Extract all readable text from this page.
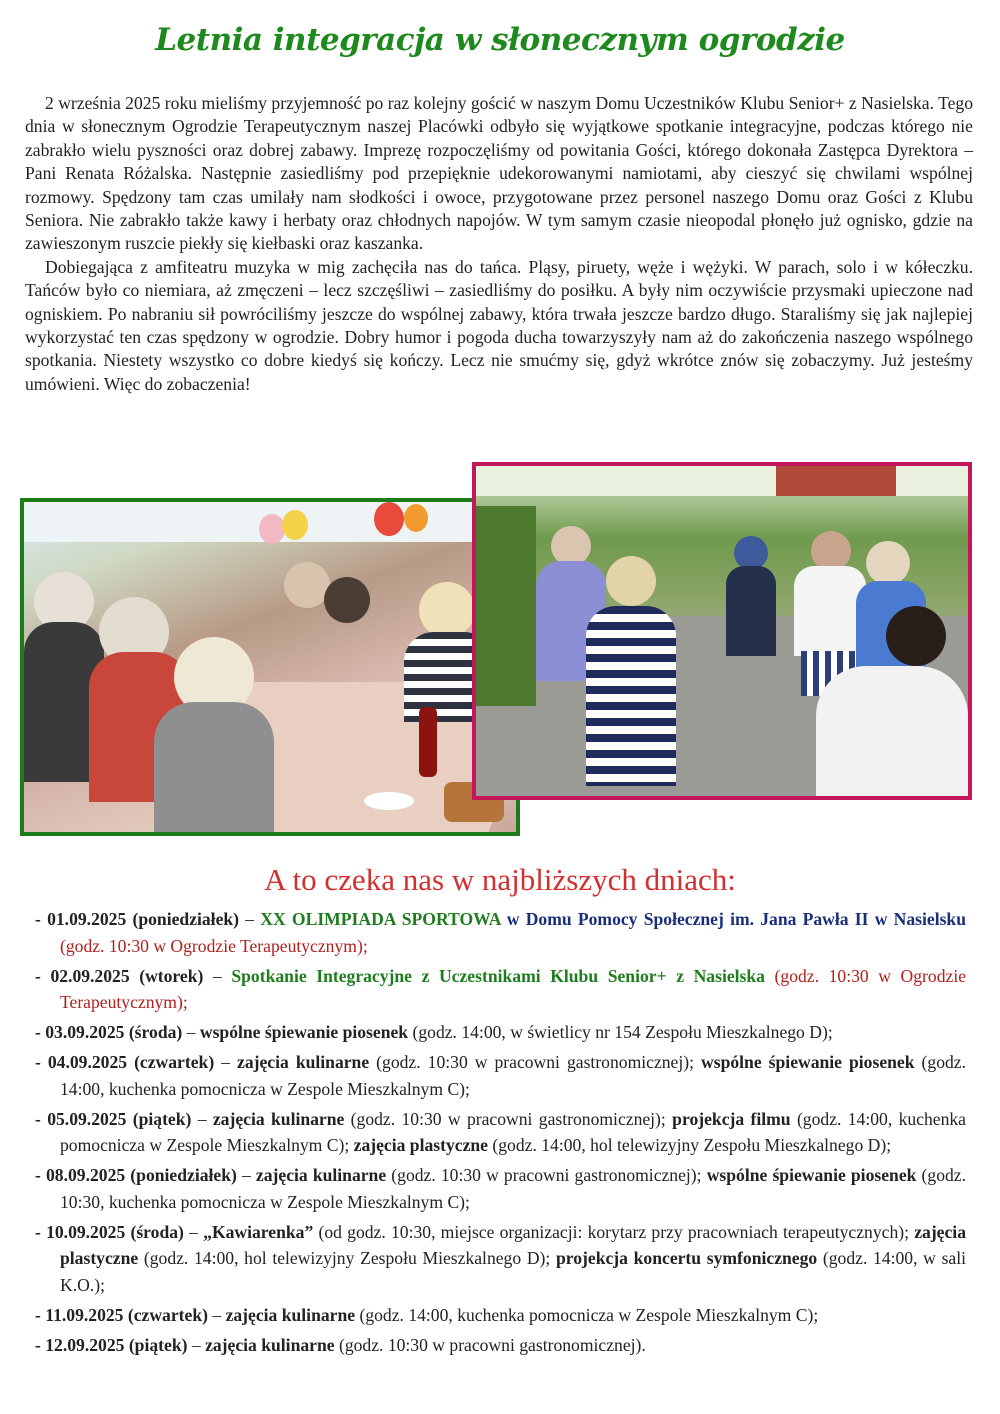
Letnia integracja w słonecznym ogrodzie

2 września 2025 roku mieliśmy przyjemność po raz kolejny gościć w naszym Domu Uczestników Klubu Senior+ z Nasielska. Tego dnia w słonecznym Ogrodzie Terapeutycznym naszej Placówki odbyło się wyjątkowe spotkanie integracyjne, podczas którego nie zabrakło wielu pyszności oraz dobrej zabawy. Imprezę rozpoczęliśmy od powitania Gości, którego dokonała Zastępca Dyrektora – Pani Renata Różalska. Następnie zasiedliśmy pod przepięknie udekorowanymi namiotami, aby cieszyć się chwilami wspólnej rozmowy. Spędzony tam czas umilały nam słodkości i owoce, przygotowane przez personel naszego Domu oraz Gości z Klubu Seniora. Nie zabrakło także kawy i herbaty oraz chłodnych napojów. W tym samym czasie nieopodal płonęło już ognisko, gdzie na zawieszonym ruszcie piekły się kiełbaski oraz kaszanka.

Dobiegająca z amfiteatru muzyka w mig zachęciła nas do tańca. Pląsy, piruety, węże i wężyki. W parach, solo i w kółeczku. Tańców było co niemiara, aż zmęczeni – lecz szczęśliwi – zasiedliśmy do posiłku. A były nim oczywiście przysmaki upieczone nad ogniskiem. Po nabraniu sił powróciliśmy jeszcze do wspólnej zabawy, która trwała jeszcze bardzo długo. Staraliśmy się jak najlepiej wykorzystać ten czas spędzony w ogrodzie. Dobry humor i pogoda ducha towarzyszyły nam aż do zakończenia naszego wspólnego spotkania. Niestety wszystko co dobre kiedyś się kończy. Lecz nie smućmy się, gdyż wkrótce znów się zobaczymy. Już jesteśmy umówieni. Więc do zobaczenia!

A to czeka nas w najbliższych dniach:

- 01.09.2025 (poniedziałek) – XX OLIMPIADA SPORTOWA w Domu Pomocy Społecznej im. Jana Pawła II w Nasielsku (godz. 10:30 w Ogrodzie Terapeutycznym);

- 02.09.2025 (wtorek) – Spotkanie Integracyjne z Uczestnikami Klubu Senior+ z Nasielska (godz. 10:30 w Ogrodzie Terapeutycznym);

- 03.09.2025 (środa) – wspólne śpiewanie piosenek (godz. 14:00, w świetlicy nr 154 Zespołu Mieszkalnego D);

- 04.09.2025 (czwartek) – zajęcia kulinarne (godz. 10:30 w pracowni gastronomicznej); wspólne śpiewanie piosenek (godz. 14:00, kuchenka pomocnicza w Zespole Mieszkalnym C);

- 05.09.2025 (piątek) – zajęcia kulinarne (godz. 10:30 w pracowni gastronomicznej); projekcja filmu (godz. 14:00, kuchenka pomocnicza w Zespole Mieszkalnym C); zajęcia plastyczne (godz. 14:00, hol telewizyjny Zespołu Mieszkalnego D);

- 08.09.2025 (poniedziałek) – zajęcia kulinarne (godz. 10:30 w pracowni gastronomicznej); wspólne śpiewanie piosenek (godz. 10:30, kuchenka pomocnicza w Zespole Mieszkalnym C);

- 10.09.2025 (środa) – „Kawiarenka” (od godz. 10:30, miejsce organizacji: korytarz przy pracowniach terapeutycznych); zajęcia plastyczne (godz. 14:00, hol telewizyjny Zespołu Mieszkalnego D); projekcja koncertu symfonicznego (godz. 14:00, w sali K.O.);

- 11.09.2025 (czwartek) – zajęcia kulinarne (godz. 14:00, kuchenka pomocnicza w Zespole Mieszkalnym C);

- 12.09.2025 (piątek) – zajęcia kulinarne (godz. 10:30 w pracowni gastronomicznej).
